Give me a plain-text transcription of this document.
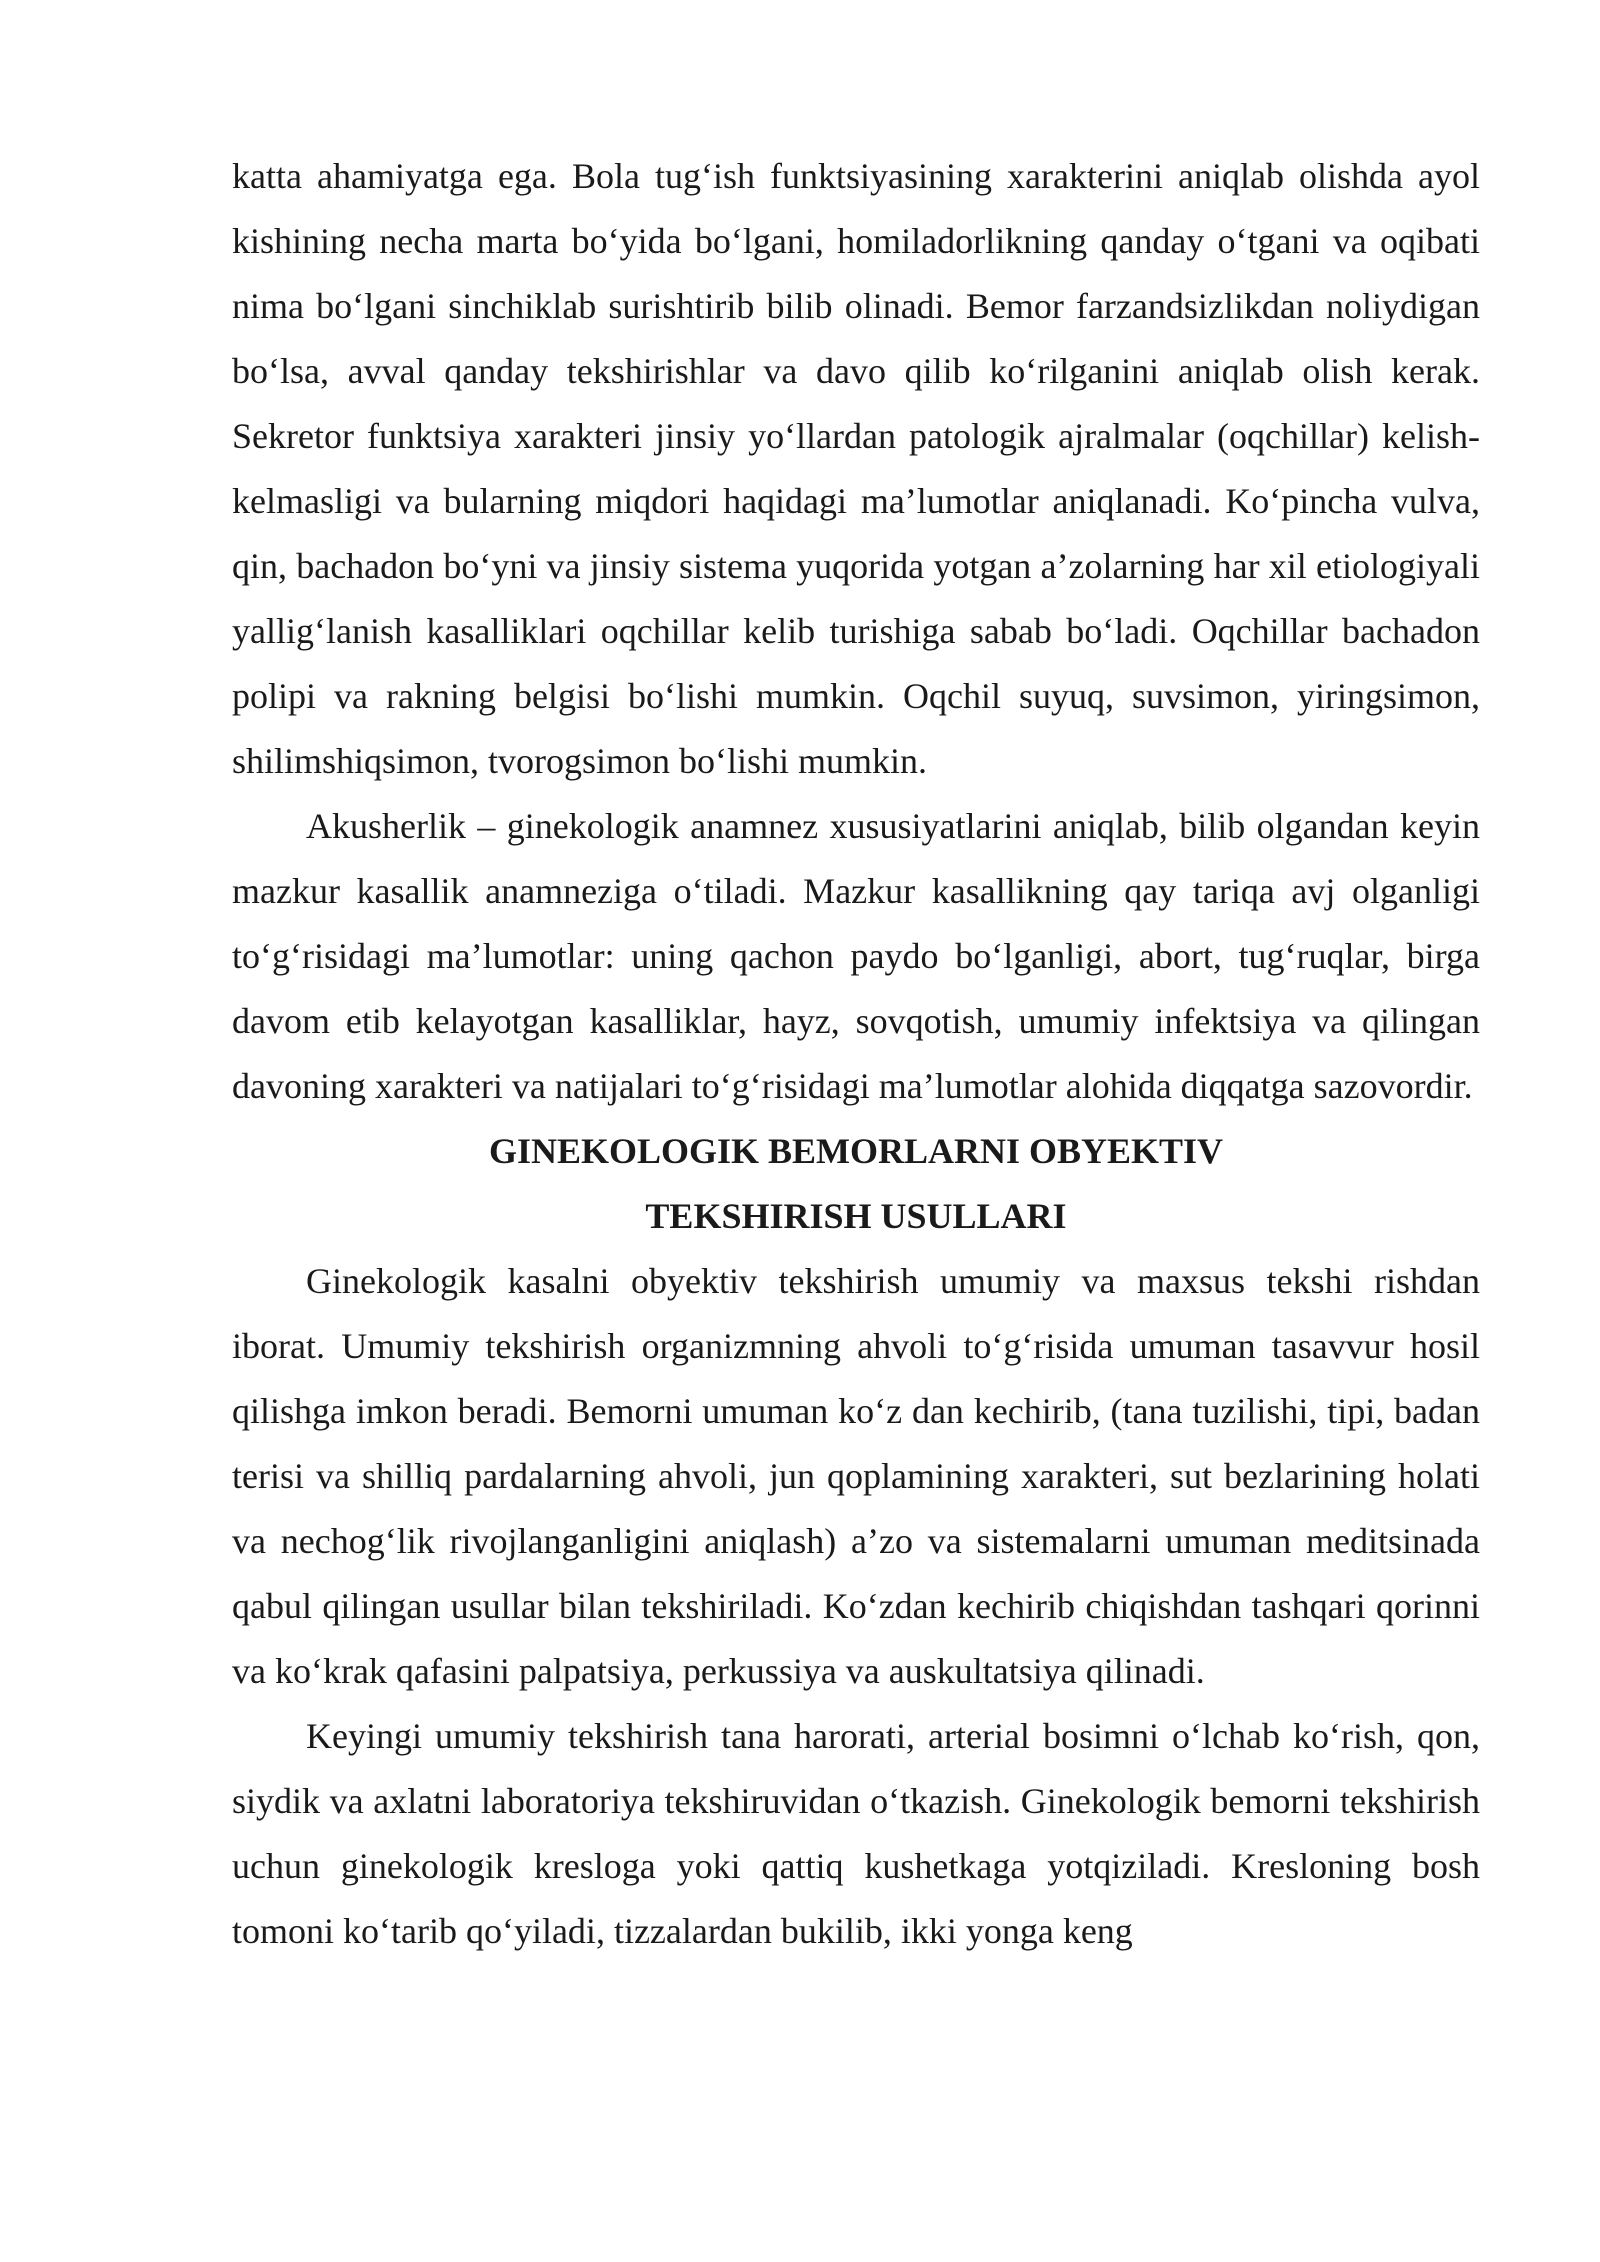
katta ahamiyatga ega. Bola tug‘ish funktsiyasining xarakterini aniqlab olishda ayol kishining necha marta bo‘yida bo‘lgani, homiladorlikning qanday o‘tgani va oqibati nima bo‘lgani sinchiklab surishtirib bilib olinadi. Bemor farzandsizlikdan noliydigan bo‘lsa, avval qanday tekshirishlar va davo qilib ko‘rilganini aniqlab olish kerak. Sekretor funktsiya xarakteri jinsiy yo‘llardan patologik ajralmalar (oqchillar) kelish-kelmasligi va bularning miqdori haqidagi ma’lumotlar aniqlanadi. Ko‘pincha vulva, qin, bachadon bo‘yni va jinsiy sistema yuqorida yotgan a’zolarning har xil etiologiyali yallig‘lanish kasalliklari oqchillar kelib turishiga sabab bo‘ladi. Oqchillar bachadon polipi va rakning belgisi bo‘lishi mumkin. Oqchil suyuq, suvsimon, yiringsimon, shilimshiqsimon, tvorogsimon bo‘lishi mumkin.

Akusherlik – ginekologik anamnez xususiyatlarini aniqlab, bilib olgandan keyin mazkur kasallik anamneziga o‘tiladi. Mazkur kasallikning qay tariqa avj olganligi to‘g‘risidagi ma’lumotlar: uning qachon paydo bo‘lganligi, abort, tug‘ruqlar, birga davom etib kelayotgan kasalliklar, hayz, sovqotish, umumiy infektsiya va qilingan davoning xarakteri va natijalari to‘g‘risidagi ma’lumotlar alohida diqqatga sazovordir.

GINEKOLOGIK BEMORLARNI OBYEKTIV
TEKSHIRISH USULLARI

Ginekologik kasalni obyektiv tekshirish umumiy va maxsus tekshi rishdan iborat. Umumiy tekshirish organizmning ahvoli to‘g‘risida umuman tasavvur hosil qilishga imkon beradi. Bemorni umuman ko‘z dan kechirib, (tana tuzilishi, tipi, badan terisi va shilliq pardalarning ahvoli, jun qoplamining xarakteri, sut bezlarining holati va nechog‘lik rivojlanganligini aniqlash) a’zo va sistemalarni umuman meditsinada qabul qilingan usullar bilan tekshiriladi. Ko‘zdan kechirib chiqishdan tashqari qorinni va ko‘krak qafasini palpatsiya, perkussiya va auskultatsiya qilinadi.

Keyingi umumiy tekshirish tana harorati, arterial bosimni o‘lchab ko‘rish, qon, siydik va axlatni laboratoriya tekshiruvidan o‘tkazish. Ginekologik bemorni tekshirish uchun ginekologik kresloga yoki qattiq kushetkaga yotqiziladi. Kresloning bosh tomoni ko‘tarib qo‘yiladi, tizzalardan bukilib, ikki yonga keng
